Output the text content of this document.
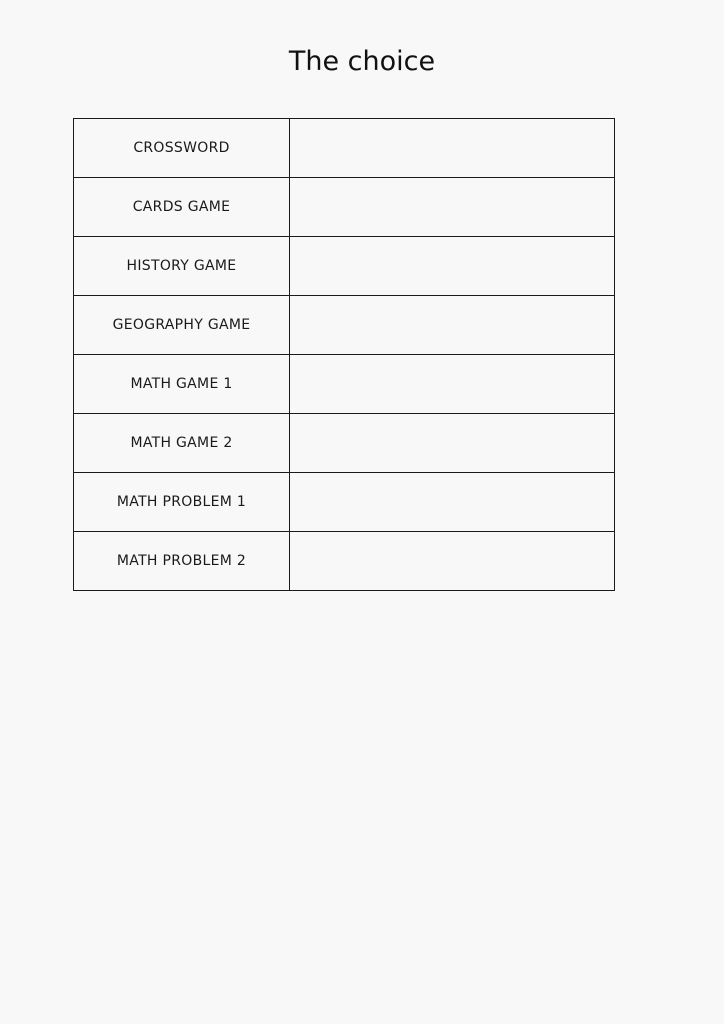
The choice
CROSSWORD	
CARDS GAME	
HISTORY GAME	
GEOGRAPHY GAME	
MATH GAME 1	
MATH GAME 2	
MATH PROBLEM 1	
MATH PROBLEM 2	
